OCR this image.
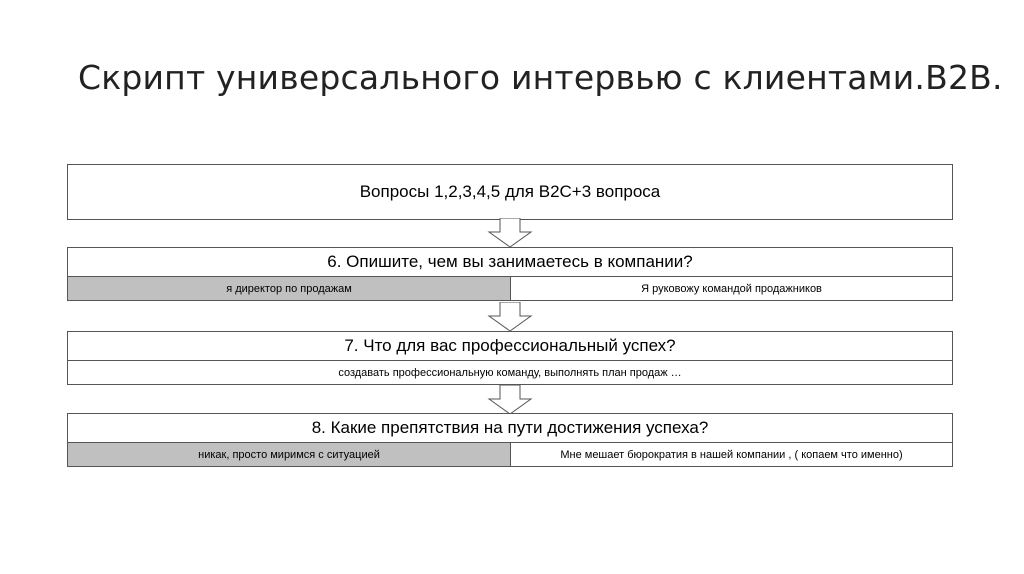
Скрипт универсального интервью с клиентами.B2B.
Вопросы 1,2,3,4,5 для B2C+3 вопроса
6. Опишите, чем вы занимаетесь в компании?
я директор по продажам	Я руковожу командой продажников
7. Что для вас профессиональный успех?
создавать профессиональную команду, выполнять план продаж …
8. Какие препятствия на пути достижения успеха?
никак, просто миримся с ситуацией	Мне мешает бюрократия в нашей компании , ( копаем что именно)
